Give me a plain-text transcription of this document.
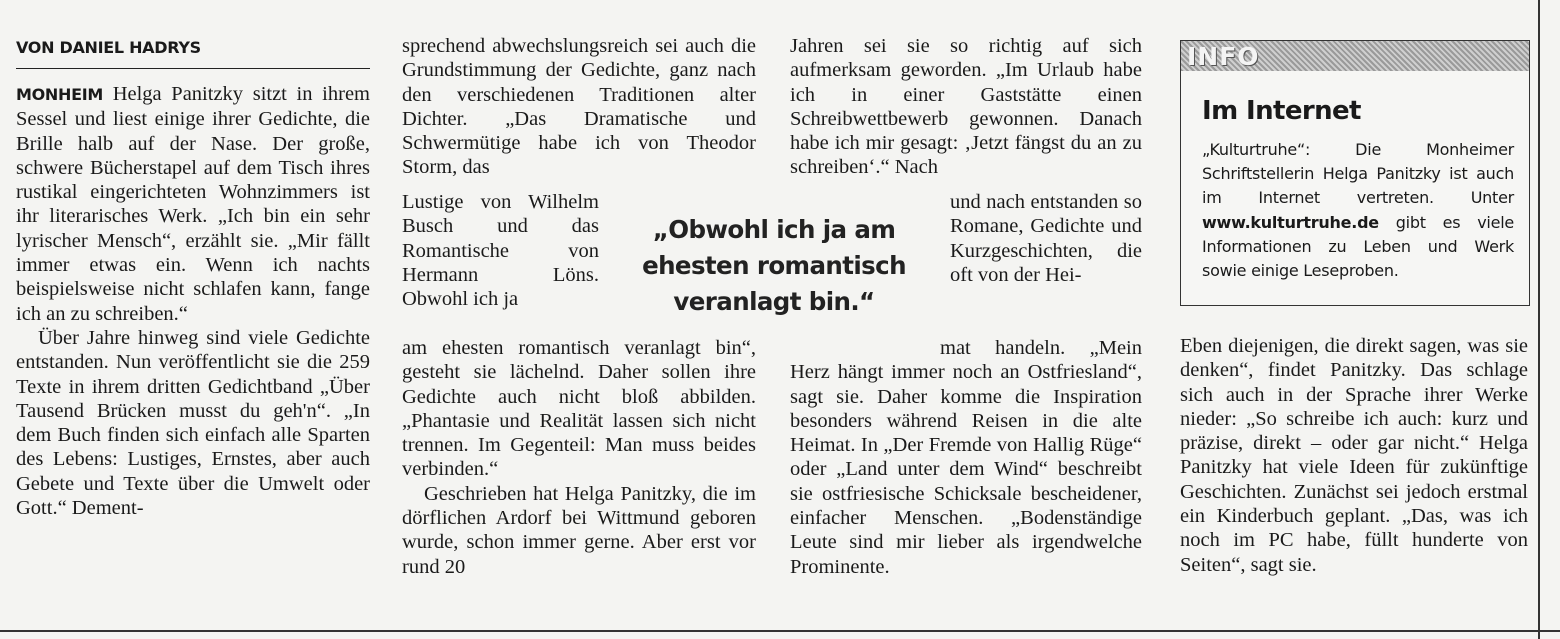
VON DANIEL HADRYS

MONHEIM Helga Panitzky sitzt in ihrem Sessel und liest einige ihrer Gedichte, die Brille halb auf der Nase. Der große, schwere Bücherstapel auf dem Tisch ihres rustikal eingerichteten Wohnzimmers ist ihr literarisches Werk. „Ich bin ein sehr lyrischer Mensch“, erzählt sie. „Mir fällt immer etwas ein. Wenn ich nachts beispielsweise nicht schlafen kann, fange ich an zu schreiben.“

Über Jahre hinweg sind viele Gedichte entstanden. Nun veröffentlicht sie die 259 Texte in ihrem dritten Gedichtband „Über Tausend Brücken musst du geh'n“. „In dem Buch finden sich einfach alle Sparten des Lebens: Lustiges, Ernstes, aber auch Gebete und Texte über die Umwelt oder Gott.“ Dement-

sprechend abwechslungsreich sei auch die Grundstimmung der Gedichte, ganz nach den verschiedenen Traditionen alter Dichter. „Das Dramatische und Schwermütige habe ich von Theodor Storm, das
Lustige von Wilhelm Busch und das Romantische von Hermann Löns. Obwohl ich ja

am ehesten romantisch veranlagt bin“, gesteht sie lächelnd. Daher sollen ihre Gedichte auch nicht bloß abbilden. „Phantasie und Realität lassen sich nicht trennen. Im Gegenteil: Man muss beides verbinden.“

Geschrieben hat Helga Panitzky, die im dörflichen Ardorf bei Wittmund geboren wurde, schon immer gerne. Aber erst vor rund 20

„Obwohl ich ja am ehesten romantisch veranlagt bin.“
Jahren sei sie so richtig auf sich aufmerksam geworden. „Im Urlaub habe ich in einer Gaststätte einen Schreibwettbewerb gewonnen. Danach habe ich mir gesagt: ‚Jetzt fängst du an zu schreiben‘.“ Nach
und nach entstanden so Romane, Gedichte und Kurzgeschichten, die oft von der Hei-
mat handeln. „Mein Herz hängt immer noch an Ostfriesland“, sagt sie. Daher komme die Inspiration besonders während Reisen in die alte Heimat. In „Der Fremde von Hallig Rüge“ oder „Land unter dem Wind“ beschreibt sie ostfriesische Schicksale bescheidener, einfacher Menschen. „Bodenständige Leute sind mir lieber als irgendwelche Prominente.
INFO
Im Internet
„Kulturtruhe“: Die Monheimer Schriftstellerin Helga Panitzky ist auch im Internet vertreten. Unter www.kulturtruhe.de gibt es viele Informationen zu Leben und Werk sowie einige Leseproben.
Eben diejenigen, die direkt sagen, was sie denken“, findet Panitzky. Das schlage sich auch in der Sprache ihrer Werke nieder: „So schreibe ich auch: kurz und präzise, direkt – oder gar nicht.“ Helga Panitzky hat viele Ideen für zukünftige Geschichten. Zunächst sei jedoch erstmal ein Kinderbuch geplant. „Das, was ich noch im PC habe, füllt hunderte von Seiten“, sagt sie.
